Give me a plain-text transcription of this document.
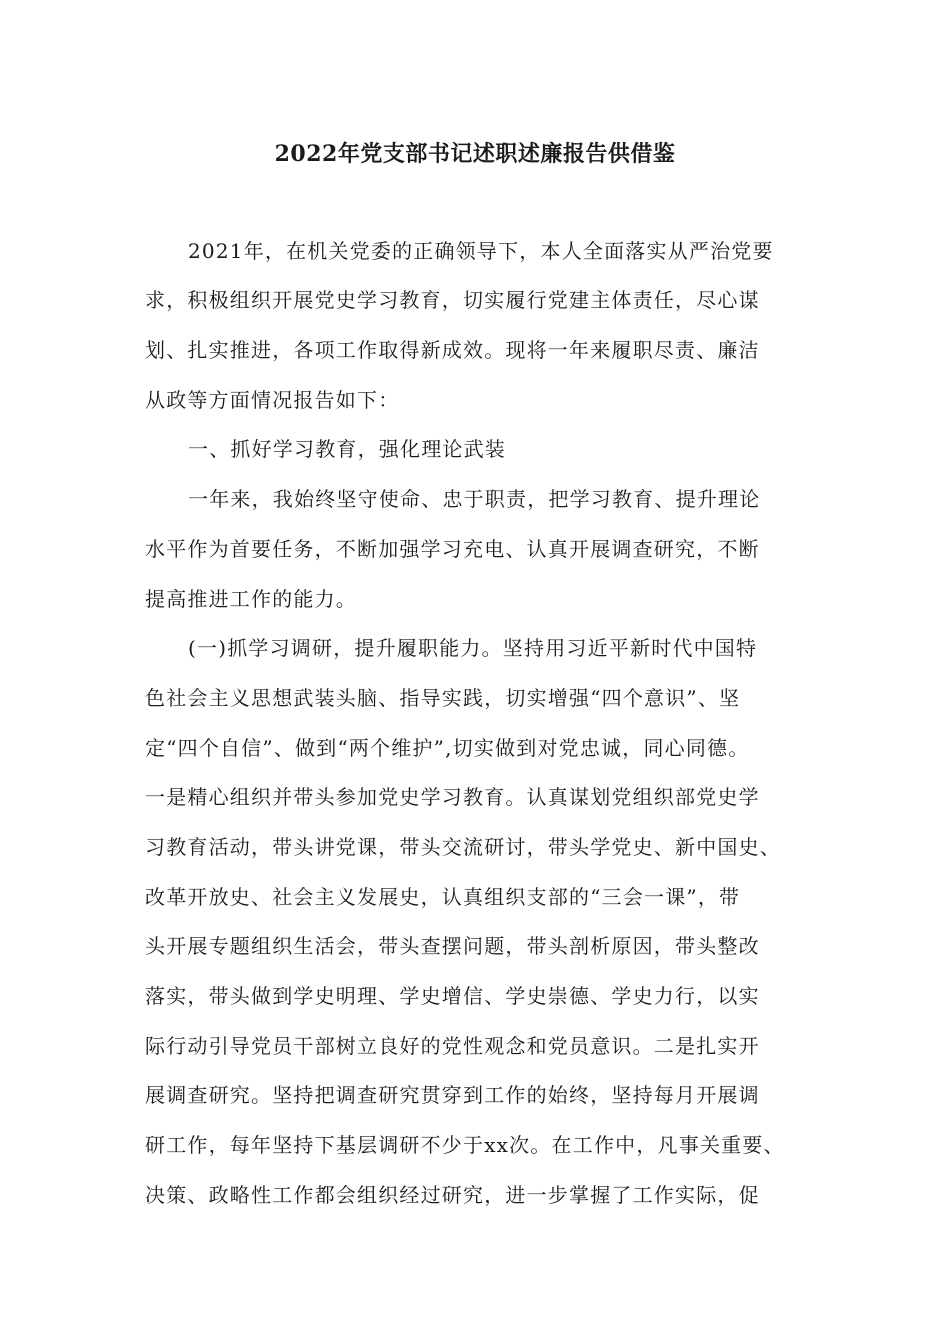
2022年党支部书记述职述廉报告供借鉴
2021年，在机关党委的正确领导下，本人全面落实从严治党要
求，积极组织开展党史学习教育，切实履行党建主体责任，尽心谋
划、扎实推进，各项工作取得新成效。现将一年来履职尽责、廉洁
从政等方面情况报告如下：
一、抓好学习教育，强化理论武装
一年来，我始终坚守使命、忠于职责，把学习教育、提升理论
水平作为首要任务，不断加强学习充电、认真开展调查研究，不断
提高推进工作的能力。
(一)抓学习调研，提升履职能力。坚持用习近平新时代中国特
色社会主义思想武装头脑、指导实践，切实增强“四个意识”、坚
定“四个自信”、做到“两个维护”,切实做到对党忠诚，同心同德。
一是精心组织并带头参加党史学习教育。认真谋划党组织部党史学
习教育活动，带头讲党课，带头交流研讨，带头学党史、新中国史、
改革开放史、社会主义发展史，认真组织支部的“三会一课”，带
头开展专题组织生活会，带头查摆问题，带头剖析原因，带头整改
落实，带头做到学史明理、学史增信、学史崇德、学史力行，以实
际行动引导党员干部树立良好的党性观念和党员意识。二是扎实开
展调查研究。坚持把调查研究贯穿到工作的始终，坚持每月开展调
研工作，每年坚持下基层调研不少于xx次。在工作中，凡事关重要、
决策、政略性工作都会组织经过研究，进一步掌握了工作实际，促
